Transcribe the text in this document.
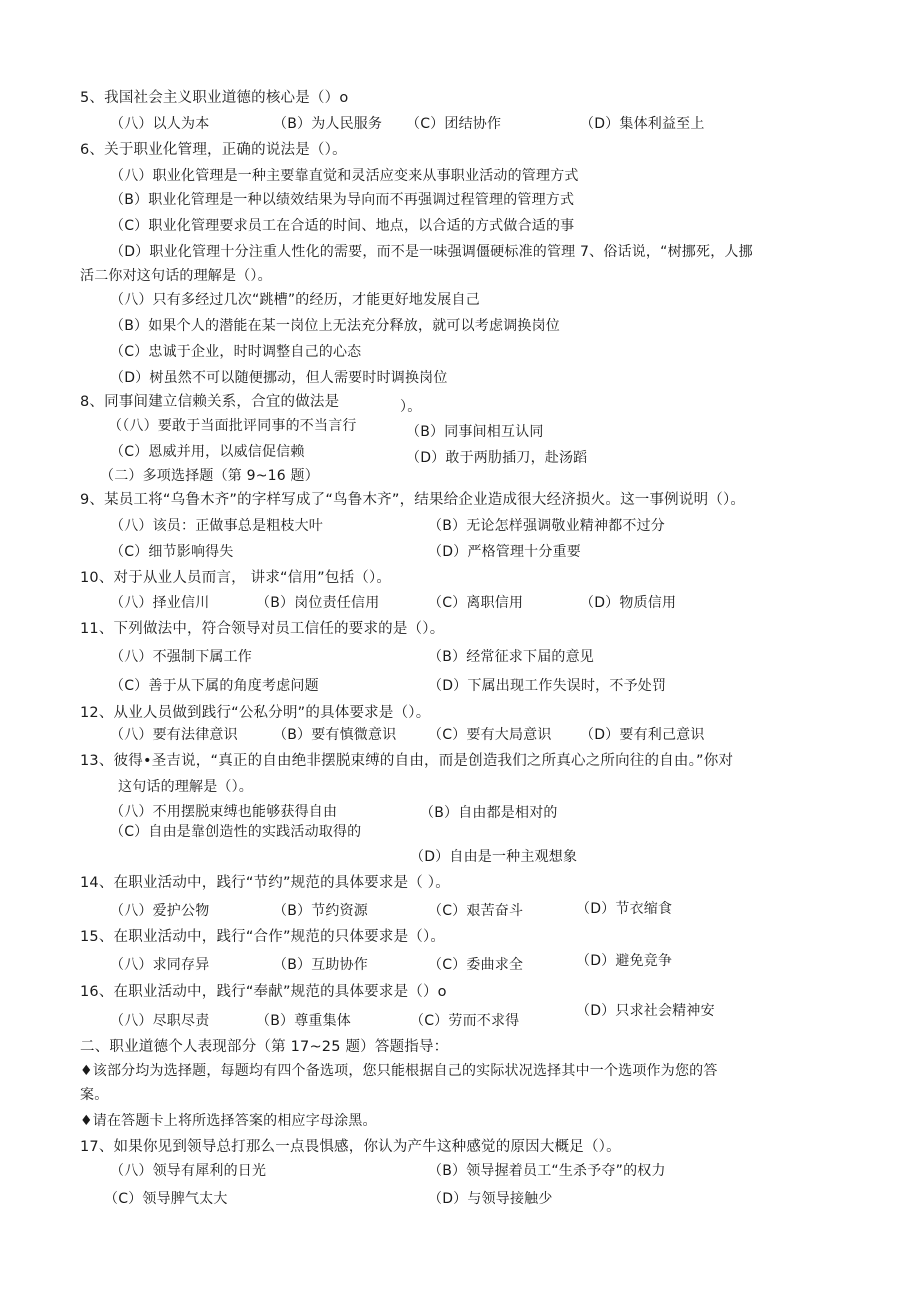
5、我国社会主义职业道德的核心是（）o
（八）以人为本	（B）为人民服务 （C）团结协作	（D）集体利益至上
6、关于职业化管理，正确的说法是（）。
（八）职业化管理是一种主要靠直觉和灵活应变来从事职业活动的管理方式
（B）职业化管理是一种以绩效结果为导向而不再强调过程管理的管理方式
（C）职业化管理要求员工在合适的时间、地点，以合适的方式做合适的事
（D）职业化管理十分注重人性化的需要，而不是一味强调僵硬标准的管理 7、俗话说，“树挪死，人挪
活二你对这句话的理解是（）。
（八）只有多经过几次“跳槽”的经历，才能更好地发展自己
（B）如果个人的潜能在某一岗位上无法充分释放，就可以考虑调换岗位
（C）忠诚于企业，时时调整自己的心态
（D）树虽然不可以随便挪动，但人需要时时调换岗位
8、同事间建立信赖关系，合宜的做法是	）。
（（八）要敢于当面批评同事的不当言行	（B）同事间相互认同
（C）恩威并用，以威信促信赖	（D）敢于两肋插刀，赴汤蹈
（二）多项选择题（第 9~16 题）
9、某员工将“乌鲁木齐”的字样写成了“鸟鲁木齐”，结果给企业造成很大经济损火。这一事例说明（）。
（八）该员：正做事总是粗枝大叶	（B）无论怎样强调敬业精神都不过分
（C）细节影响得失	（D）严格管理十分重要
10、对于从业人员而言， 讲求“信用”包括（）。
（八）择业信川	（B）岗位责任信用	（C）离职信用	（D）物质信用
11、下列做法中，符合领导对员工信任的要求的是（）。
（八）不强制下属工作	（B）经常征求下届的意见
（C）善于从下属的角度考虑问题	（D）下属出现工作失误时，不予处罚
12、从业人员做到践行“公私分明”的具体要求是（）。
（八）要有法律意识	（B）要有慎微意识 （C）要有大局意识 （D）要有利己意识
13、彼得•圣吉说，“真正的自由绝非摆脱束缚的自由，而是创造我们之所真心之所向往的自由。”你对
这句话的理解是（）。
（八）不用摆脱束缚也能够获得自由	（B）自由都是相对的
（C）自由是靠创造性的实践活动取得的
（D）自由是一种主观想象
14、在职业活动中，践行“节约”规范的具体要求是（ ）。
（八）爱护公物	（B）节约资源	（C）艰苦奋斗	（D）节衣缩食
15、在职业活动中，践行“合作”规范的只体要求是（）。
（八）求同存异	（B）互助协作	（C）委曲求全	（D）避免竞争
16、在职业活动中，践行“奉献”规范的具体要求是（）o
（D）只求社会精神安
（八）尽职尽责	（B）尊重集体	（C）劳而不求得
二、职业道德个人表现部分（第 17~25 题）答题指导：
♦该部分均为选择题，每题均有四个备选项，您只能根据自己的实际状况选择其中一个选项作为您的答
案。
♦请在答题卡上将所选择答案的相应字母涂黑。
17、如果你见到领导总打那么一点畏惧感，你认为产牛这种感觉的原因大概足（）。
（八）领导有犀利的日光	（B）领导握着员工“生杀予夺”的权力
（C）领导脾气太大	（D）与领导接触少
